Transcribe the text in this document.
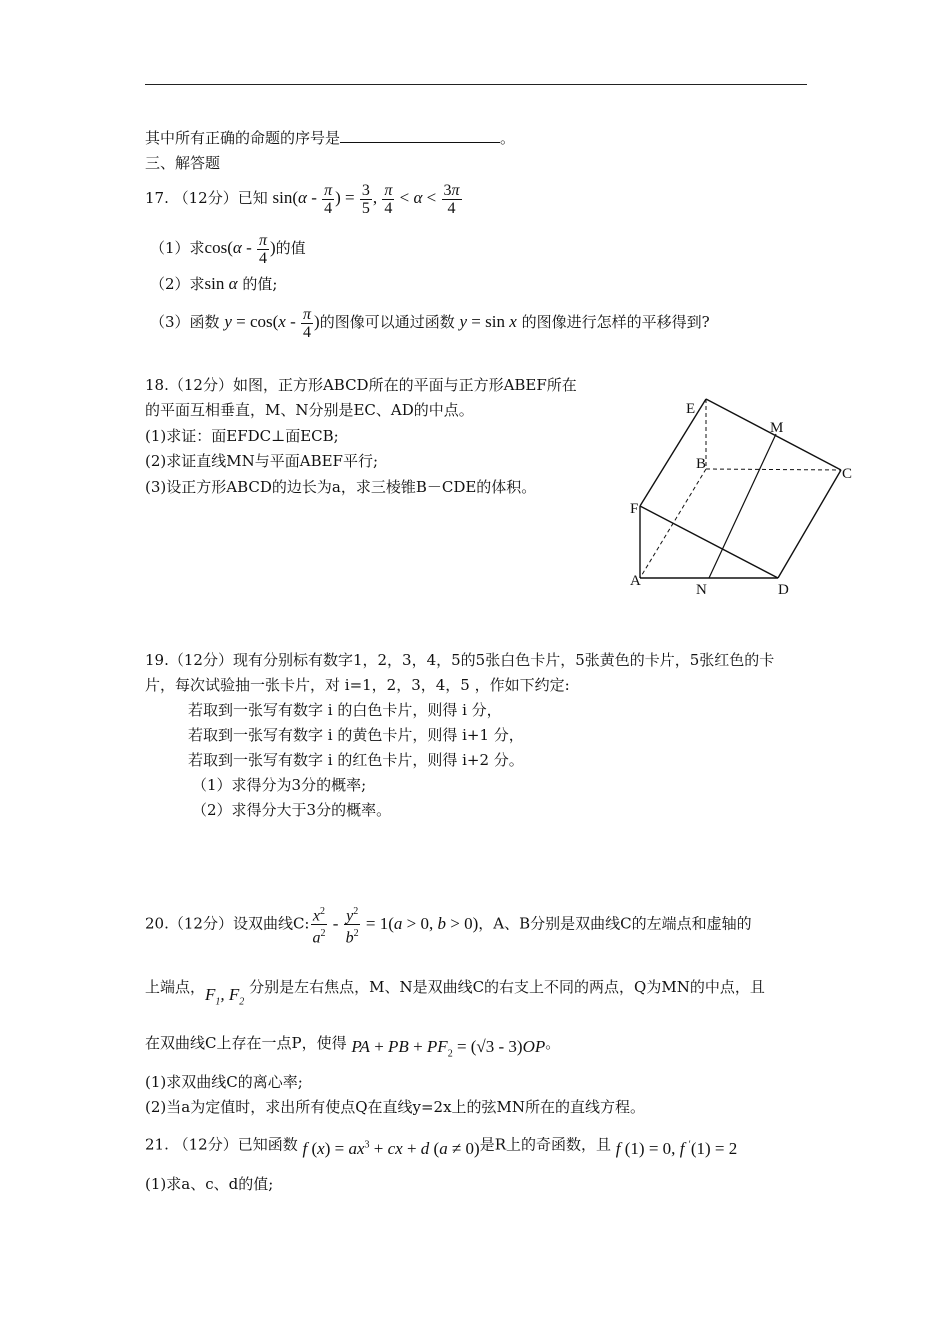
其中所有正确的命题的序号是	。
三、解答题
17. （12分）已知 $\sin(\alpha - \frac{\pi}{4}$ ) = $\frac{3}{5}$ , $\frac{\pi}{4} < \alpha < \frac{3\pi}{4}$
（1）求$\cos(\alpha - \frac{\pi}{4}$ )的值
（2）求sin α 的值;
（3）函数 $y = \cos(x - \frac{\pi}{4}$ )的图像可以通过函数 y = sin x 的图像进行怎样的平移得到?
18.（12分）如图，正方形ABCD所在的平面与正方形ABEF所在
的平面互相垂直，M、N分别是EC、AD的中点。
(1)求证：面EFDC⊥面ECB;
(2)求证直线MN与平面ABEF平行;
(3)设正方形ABCD的边长为a，求三棱锥B－CDE的体积。
E
M
B
C
F
A
N	D
19.（12分）现有分别标有数字1，2，3，4，5的5张白色卡片，5张黄色的卡片，5张红色的卡
片，每次试验抽一张卡片，对 i=1，2，3，4，5 ，作如下约定:
若取到一张写有数字 i 的白色卡片，则得 i 分，
若取到一张写有数字 i 的黄色卡片，则得 i+1 分，
若取到一张写有数字 i 的红色卡片，则得 i+2 分。
（1）求得分为3分的概率;
（2）求得分大于3分的概率。
20.（12分）设双曲线C: $\frac{x^2}{a^2} - \frac{y^2}{b^2} = 1(a > 0$, b > 0)，A、B分别是双曲线C的左端点和虚轴的
上端点，$F_1$, $F_2$ 分别是左右焦点，M、N是双曲线C的右支上不同的两点，Q为MN的中点，且
在双曲线C上存在一点P，使得 PA + PB + $PF_2 = (√3 - 3)OP$。
(1)求双曲线C的离心率;
(2)当a为定值时，求出所有使点Q在直线y=2x上的弦MN所在的直线方程。
21. （12分）已知函数 f $(x) = ax^3$ + cx + d (a ≠ 0)是R上的奇函数，且 f (1) = 0, f ′(1) = 2
(1)求a、c、d的值;
